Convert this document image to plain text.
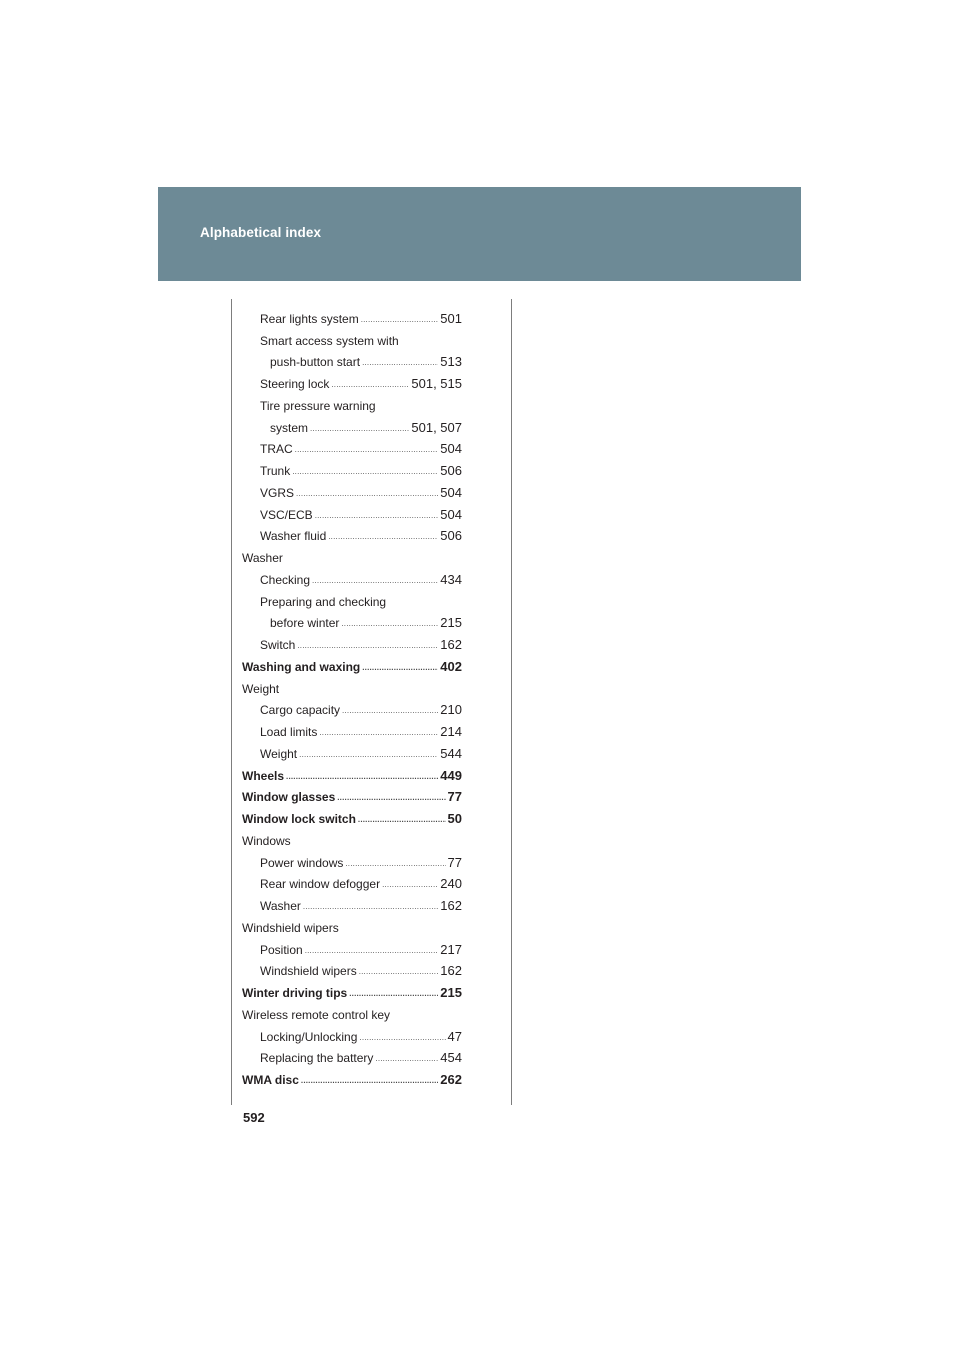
Alphabetical index
Rear lights system .....	501
Smart access system with
push-button start .....	513
Steering lock .....	501, 515
Tire pressure warning
system .....	501, 507
TRAC .....	504
Trunk .....	506
VGRS .....	504
VSC/ECB .....	504
Washer fluid .....	506
Washer
Checking .....	434
Preparing and checking
before winter .....	215
Switch .....	162
Washing and waxing .....	402
Weight
Cargo capacity .....	210
Load limits .....	214
Weight .....	544
Wheels .....	449
Window glasses .....	77
Window lock switch .....	50
Windows
Power windows .....	77
Rear window defogger .....	240
Washer .....	162
Windshield wipers
Position .....	217
Windshield wipers .....	162
Winter driving tips .....	215
Wireless remote control key
Locking/Unlocking .....	47
Replacing the battery .....	454
WMA disc .....	262
592
